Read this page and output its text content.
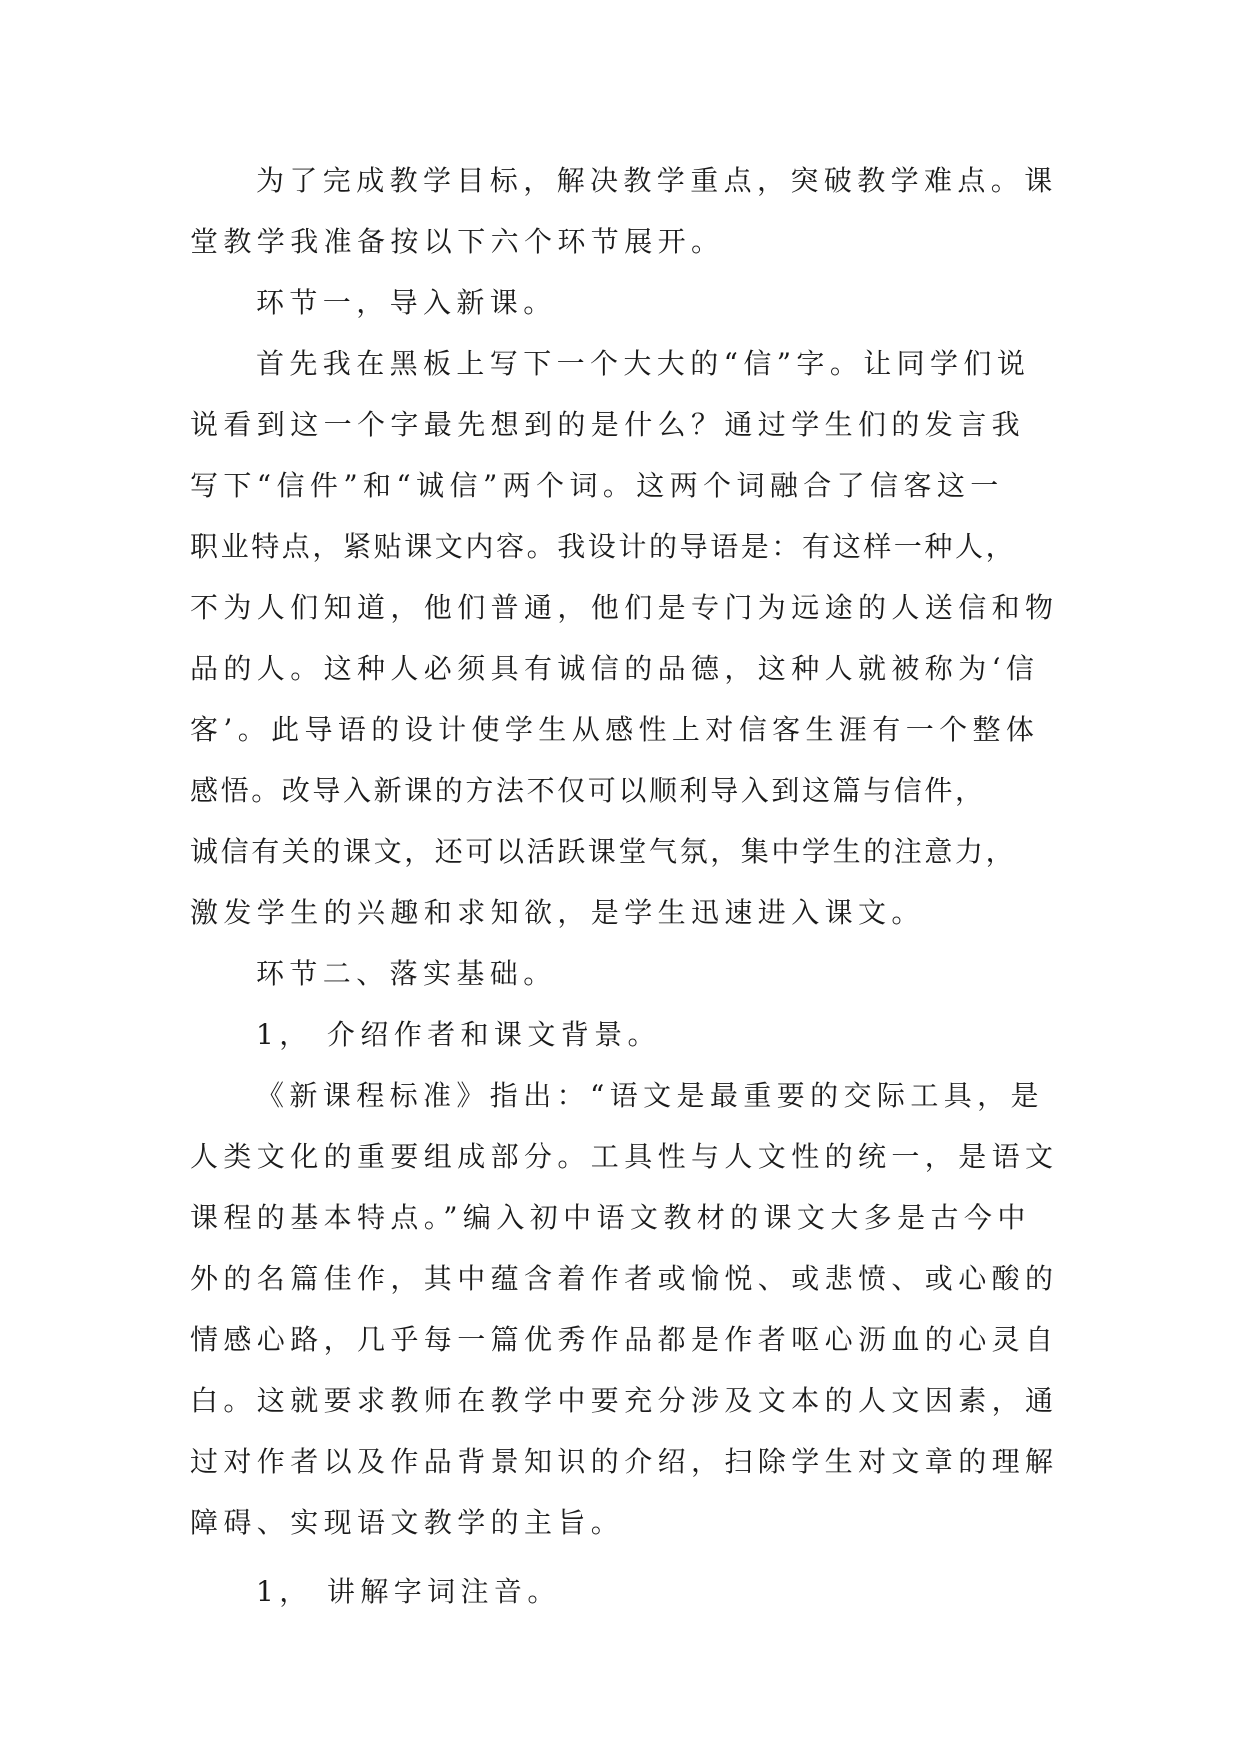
为了完成教学目标，解决教学重点，突破教学难点。课
堂教学我准备按以下六个环节展开。
环节一，导入新课。
首先我在黑板上写下一个大大的“信”字。让同学们说
说看到这一个字最先想到的是什么？通过学生们的发言我
写下“信件”和“诚信”两个词。这两个词融合了信客这一
职业特点，紧贴课文内容。我设计的导语是：有这样一种人，
不为人们知道，他们普通，他们是专门为远途的人送信和物
品的人。这种人必须具有诚信的品德，这种人就被称为‘信
客’。此导语的设计使学生从感性上对信客生涯有一个整体
感悟。改导入新课的方法不仅可以顺利导入到这篇与信件，
诚信有关的课文，还可以活跃课堂气氛，集中学生的注意力，
激发学生的兴趣和求知欲，是学生迅速进入课文。
环节二、落实基础。
1， 介绍作者和课文背景。
《新课程标准》指出：“语文是最重要的交际工具，是
人类文化的重要组成部分。工具性与人文性的统一，是语文
课程的基本特点。”编入初中语文教材的课文大多是古今中
外的名篇佳作，其中蕴含着作者或愉悦、或悲愤、或心酸的
情感心路，几乎每一篇优秀作品都是作者呕心沥血的心灵自
白。这就要求教师在教学中要充分涉及文本的人文因素，通
过对作者以及作品背景知识的介绍，扫除学生对文章的理解
障碍、实现语文教学的主旨。
1， 讲解字词注音。
